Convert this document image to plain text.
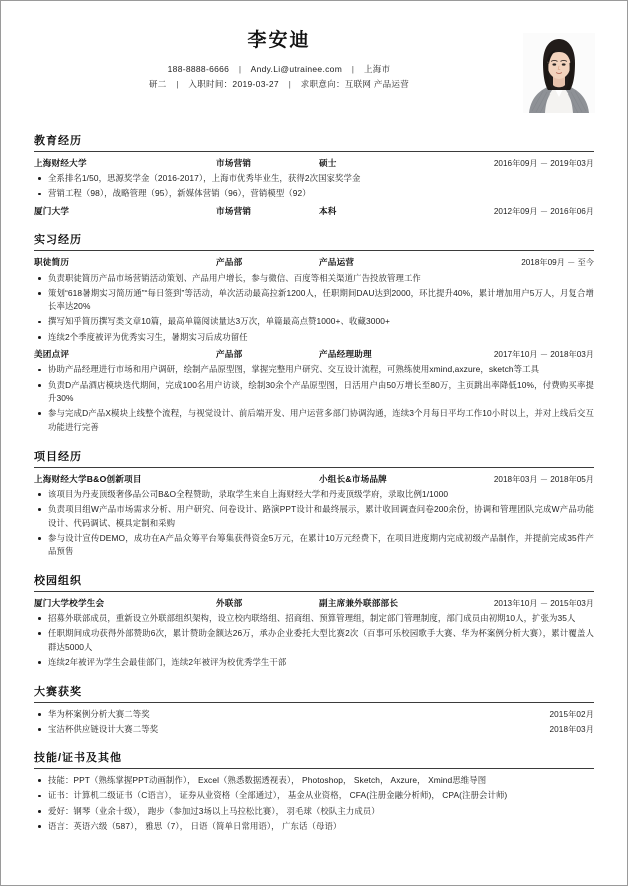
李安迪
188-8888-6666 | Andy.Li@utrainee.com | 上海市
研二 | 入职时间：2019-03-27 | 求职意向：互联网 产品运营
教育经历
上海财经大学	市场营销	硕士	2016年09月 － 2019年03月
全系排名1/50，思源奖学金（2016-2017），上海市优秀毕业生，获得2次国家奖学金
营销工程（98），战略管理（95），新媒体营销（96），营销模型（92）
厦门大学	市场营销	本科	2012年09月 － 2016年06月
实习经历
职徒简历	产品部	产品运营	2018年09月 － 至今
负责职徒简历产品市场营销活动策划、产品用户增长，参与微信、百度等相关渠道广告投放管理工作
策划“618暑期实习简历通”“每日签到”等活动，单次活动最高拉新1200人，任职期间DAU达到2000，环比提升40%，累计增加用户5万人，月复合增长率达20%
撰写知乎简历撰写类文章10篇，最高单篇阅读量达3万次，单篇最高点赞1000+、收藏3000+
连续2个季度被评为优秀实习生，暑期实习后成功留任
美团点评	产品部	产品经理助理	2017年10月 － 2018年03月
协助产品经理进行市场和用户调研，绘制产品原型图，掌握完整用户研究、交互设计流程，可熟练使用xmind,axzure，sketch等工具
负责D产品酒店模块迭代期间，完成100名用户访谈，绘制30余个产品原型图，日活用户由50万增长至80万，主页跳出率降低10%，付费购买率提升30%
参与完成D产品X模块上线整个流程，与视觉设计、前后端开发、用户运营多部门协调沟通，连续3个月每日平均工作10小时以上，并对上线后交互功能进行完善
项目经历
上海财经大学B&O创新项目	小组长&市场品牌	2018年03月 － 2018年05月
该项目为丹麦顶级奢侈品公司B&O全程赞助，录取学生来自上海财经大学和丹麦顶级学府，录取比例1/1000
负责项目组W产品市场需求分析、用户研究、问卷设计、路演PPT设计和最终展示，累计收回调查问卷200余份，协调和管理团队完成W产品功能设计、代码调试、模具定制和采购
参与设计宣传DEMO，成功在A产品众筹平台筹集获得资金5万元，在累计10万元经费下，在项目进度期内完成初级产品制作，并提前完成35件产品预售
校园组织
厦门大学校学生会	外联部	副主席兼外联部部长	2013年10月 － 2015年03月
招募外联部成员，重新设立外联部组织架构，设立校内联络组、招商组、预算管理组，制定部门管理制度，部门成员由初期10人，扩张为35人
任职期间成功获得外部赞助6次，累计赞助金额达26万，承办企业委托大型比赛2次（百事可乐校园歌手大赛、华为杯案例分析大赛），累计覆盖人群达5000人
连续2年被评为学生会最佳部门，连续2年被评为校优秀学生干部
大赛获奖
华为杯案例分析大赛二等奖	2015年02月
宝洁杯供应链设计大赛二等奖	2018年03月
技能/证书及其他
技能：PPT（熟练掌握PPT动画制作）， Excel（熟悉数据透视表）， Photoshop， Sketch， Axzure， Xmind思维导图
证书：计算机二级证书（C语言）， 证券从业资格（全部通过）， 基金从业资格， CFA(注册金融分析师)， CPA(注册会计师)
爱好：钢琴（业余十级）， 跑步（参加过3场以上马拉松比赛）， 羽毛球（校队主力成员）
语言：英语六级（587）， 雅思（7）， 日语（简单日常用语）， 广东话（母语）
